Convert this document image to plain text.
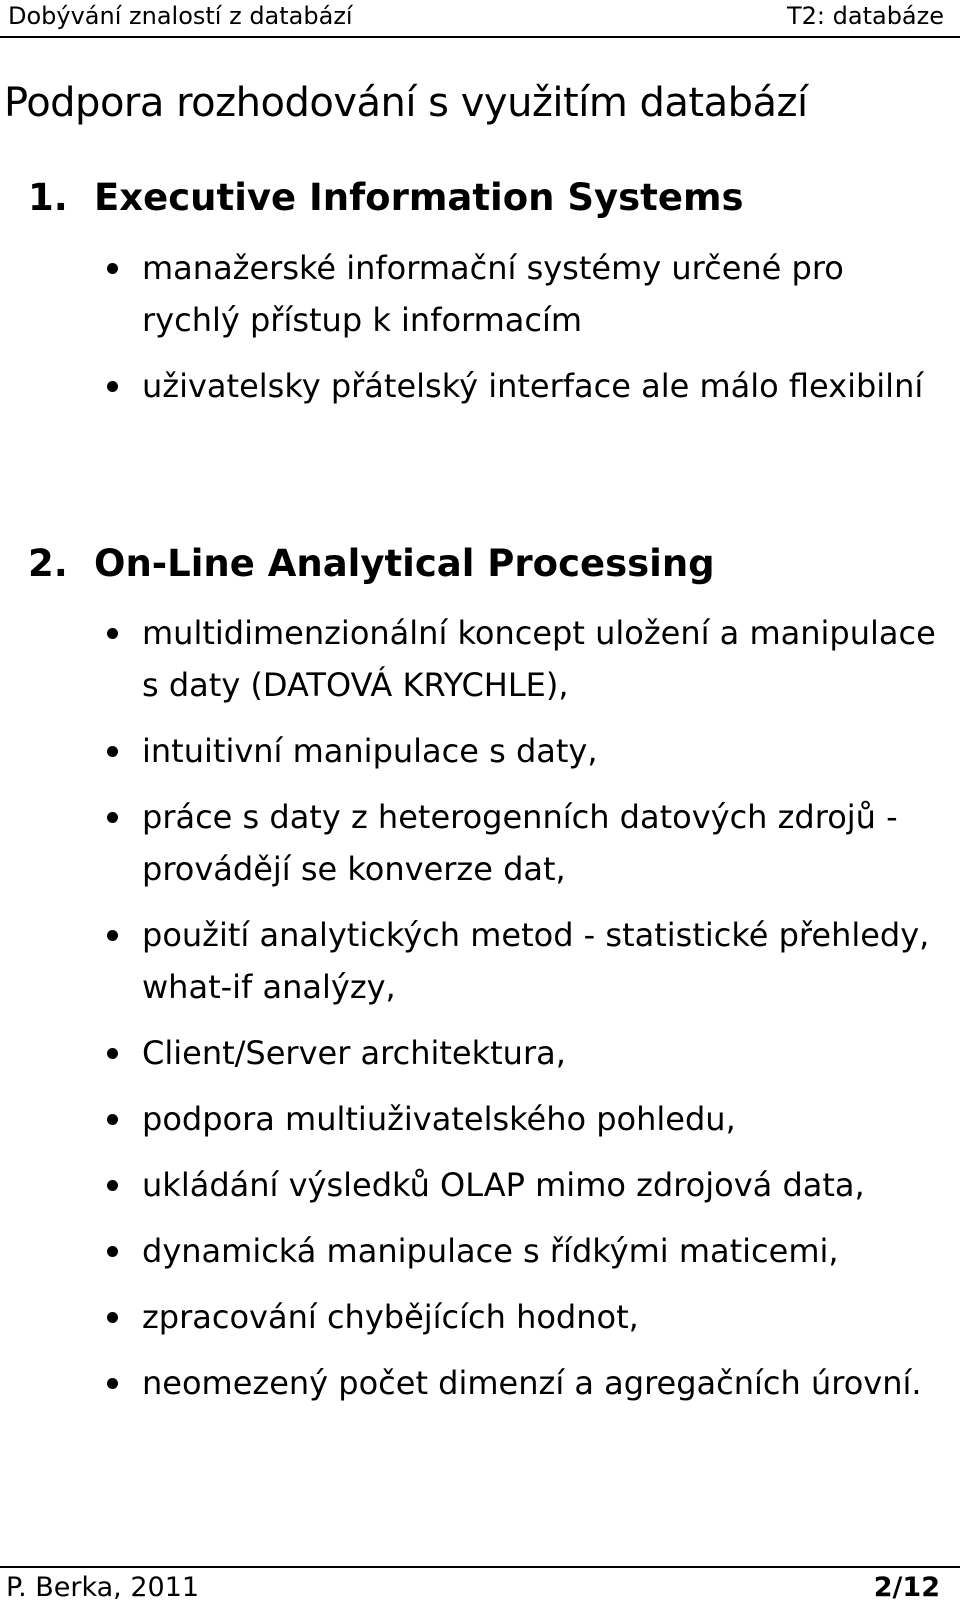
Dobývání znalostí z databází	T2: databáze
Podpora rozhodování s využitím databází
1. Executive Information Systems
manažerské informační systémy určené pro rychlý přístup k informacím
uživatelsky přátelský interface ale málo flexibilní
2. On-Line Analytical Processing
multidimenzionální koncept uložení a manipulace s daty (DATOVÁ KRYCHLE),
intuitivní manipulace s daty,
práce s daty z heterogenních datových zdrojů - provádějí se konverze dat,
použití analytických metod - statistické přehledy, what-if analýzy,
Client/Server architektura,
podpora multiuživatelského pohledu,
ukládání výsledků OLAP mimo zdrojová data,
dynamická manipulace s řídkými maticemi,
zpracování chybějících hodnot,
neomezený počet dimenzí a agregačních úrovní.
P. Berka, 2011	2/12
